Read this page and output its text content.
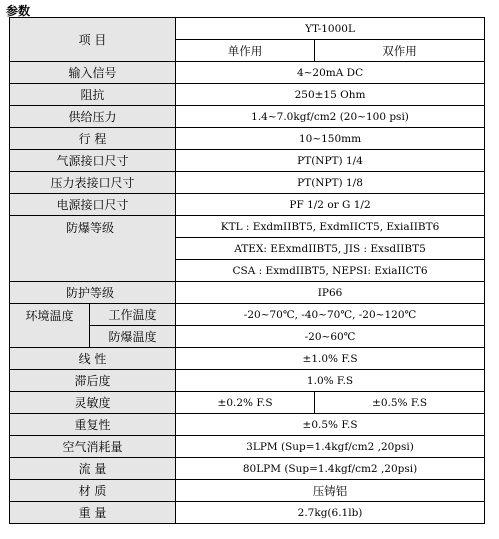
参数
项 目		YT-1000L	
		单作用	双作用
输入信号		4~20mA DC	
阻抗		250±15 Ohm	
供给压力		1.4~7.0kgf/cm2 (20~100 psi)	
行 程		10~150mm	
气源接口尺寸		PT(NPT) 1/4	
压力表接口尺寸		PT(NPT) 1/8	
电源接口尺寸		PF 1/2 or G 1/2	
防爆等级		KTL : ExdmIIBT5, ExdmIICT5, ExiaIIBT6	
		ATEX: EExmdIIBT5, JIS : ExsdIIBT5	
		CSA : ExmdIIBT5, NEPSI: ExiaIICT6	
防护等级		IP66	
环境温度	工作温度	-20~70℃, -40~70℃, -20~120℃	
	防爆温度	-20~60℃	
线 性		±1.0% F.S	
滞后度		1.0% F.S	
灵敏度		±0.2% F.S	±0.5% F.S
重复性		±0.5% F.S	
空气消耗量		3LPM (Sup=1.4kgf/cm2 ,20psi)	
流 量		80LPM (Sup=1.4kgf/cm2 ,20psi)	
材 质		压铸铝	
重 量		2.7kg(6.1lb)	
